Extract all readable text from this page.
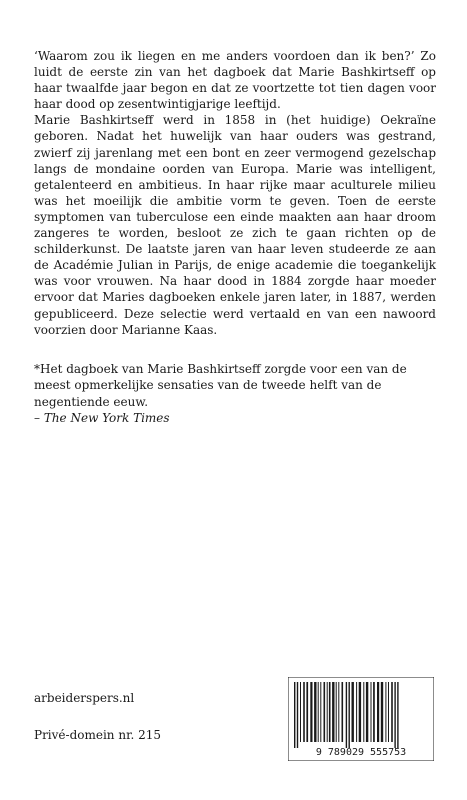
‘Waarom zou ik liegen en me anders voordoen dan ik ben?’ Zo luidt de eerste zin van het dagboek dat Marie Bashkirtseff op haar twaalfde jaar begon en dat ze voortzette tot tien dagen voor haar dood op zesentwintigjarige leeftijd.

Marie Bashkirtseff werd in 1858 in (het huidige) Oekraïne geboren. Nadat het huwelijk van haar ouders was gestrand, zwierf zij jarenlang met een bont en zeer vermogend gezelschap langs de mondaine oorden van Europa. Marie was intelligent, getalenteerd en ambitieus. In haar rijke maar aculturele milieu was het moeilijk die ambitie vorm te geven. Toen de eerste symptomen van tuberculose een einde maakten aan haar droom zangeres te worden, besloot ze zich te gaan richten op de schilderkunst. De laatste jaren van haar leven studeerde ze aan de Académie Julian in Parijs, de enige academie die toegankelijk was voor vrouwen. Na haar dood in 1884 zorgde haar moeder ervoor dat Maries dagboeken enkele jaren later, in 1887, werden gepubliceerd. Deze selectie werd vertaald en van een nawoord voorzien door Marianne Kaas.

*Het dagboek van Marie Bashkirtseff zorgde voor een van de meest opmerkelijke sensaties van de tweede helft van de negentiende eeuw.

– The New York Times

arbeiderspers.nl
Privé-domein nr. 215
9 789029 555753
